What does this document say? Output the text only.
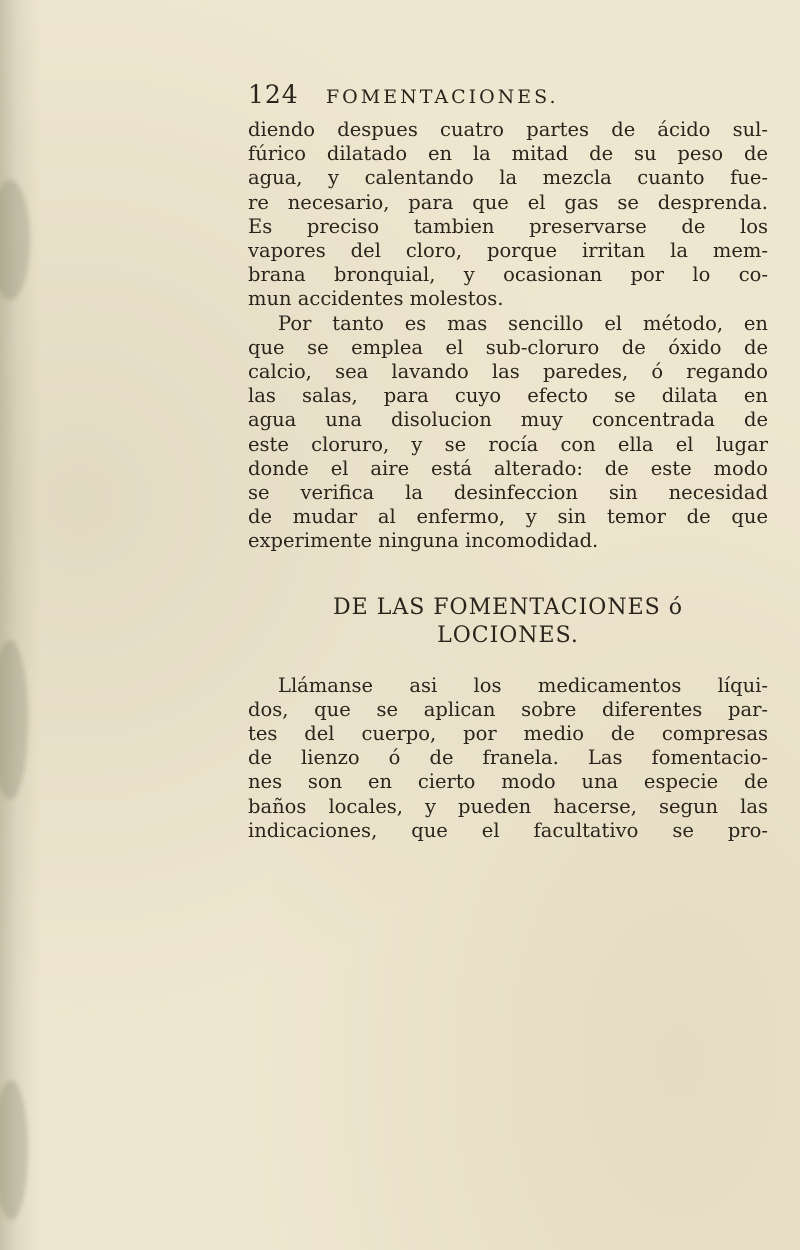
124	FOMENTACIONES.
diendo despues cuatro partes de ácido sul-
fúrico dilatado en la mitad de su peso de
agua, y calentando la mezcla cuanto fue-
re necesario, para que el gas se desprenda.
Es preciso tambien preservarse de los
vapores del cloro, porque irritan la mem-
brana bronquial, y ocasionan por lo co-
mun accidentes molestos.
Por tanto es mas sencillo el método, en
que se emplea el sub-cloruro de óxido de
calcio, sea lavando las paredes, ó regando
las salas, para cuyo efecto se dilata en
agua una disolucion muy concentrada de
este cloruro, y se rocía con ella el lugar
donde el aire está alterado: de este modo
se verifica la desinfeccion sin necesidad
de mudar al enfermo, y sin temor de que
experimente ninguna incomodidad.
DE LAS FOMENTACIONES ó
LOCIONES.
Llámanse asi los medicamentos líqui-
dos, que se aplican sobre diferentes par-
tes del cuerpo, por medio de compresas
de lienzo ó de franela. Las fomentacio-
nes son en cierto modo una especie de
baños locales, y pueden hacerse, segun las
indicaciones, que el facultativo se pro-
